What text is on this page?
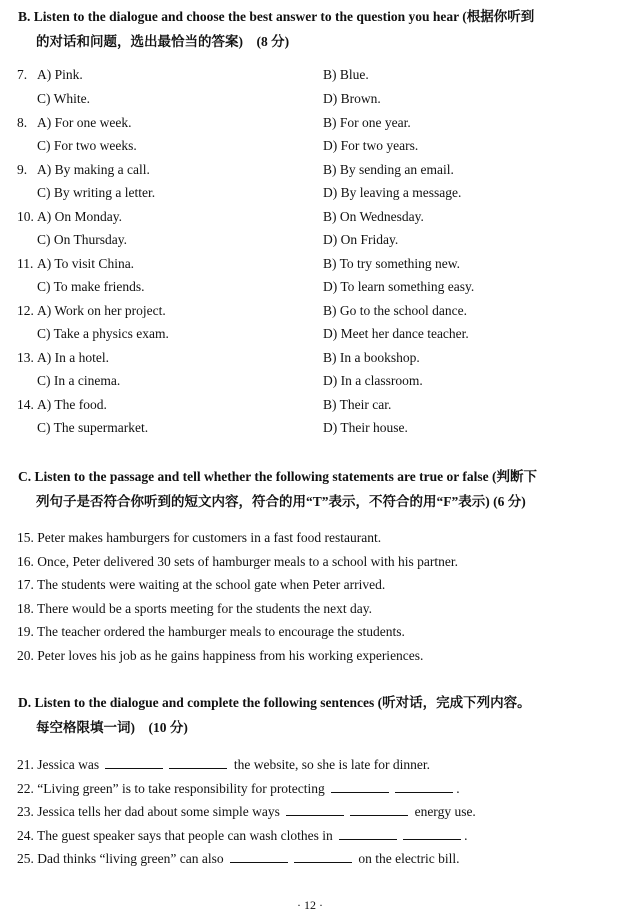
B. Listen to the dialogue and choose the best answer to the question you hear (根据你听到
的对话和问题，选出最恰当的答案)　(8 分)
7. A) Pink.	B) Blue.
C) White.	D) Brown.
8. A) For one week.	B) For one year.
C) For two weeks.	D) For two years.
9. A) By making a call.	B) By sending an email.
C) By writing a letter.	D) By leaving a message.
10. A) On Monday.	B) On Wednesday.
C) On Thursday.	D) On Friday.
11. A) To visit China.	B) To try something new.
C) To make friends.	D) To learn something easy.
12. A) Work on her project.	B) Go to the school dance.
C) Take a physics exam.	D) Meet her dance teacher.
13. A) In a hotel.	B) In a bookshop.
C) In a cinema.	D) In a classroom.
14. A) The food.	B) Their car.
C) The supermarket.	D) Their house.
C. Listen to the passage and tell whether the following statements are true or false (判断下
列句子是否符合你听到的短文内容，符合的用“T”表示，不符合的用“F”表示) (6 分)
15. Peter makes hamburgers for customers in a fast food restaurant.
16. Once, Peter delivered 30 sets of hamburger meals to a school with his partner.
17. The students were waiting at the school gate when Peter arrived.
18. There would be a sports meeting for the students the next day.
19. The teacher ordered the hamburger meals to encourage the students.
20. Peter loves his job as he gains happiness from his working experiences.
D. Listen to the dialogue and complete the following sentences (听对话，完成下列内容。
每空格限填一词)　(10 分)
21. Jessica was	the website, so she is late for dinner.
22. “Living green” is to take responsibility for protecting	.
23. Jessica tells her dad about some simple ways	energy use.
24. The guest speaker says that people can wash clothes in	.
25. Dad thinks “living green” can also	on the electric bill.
· 12 ·
